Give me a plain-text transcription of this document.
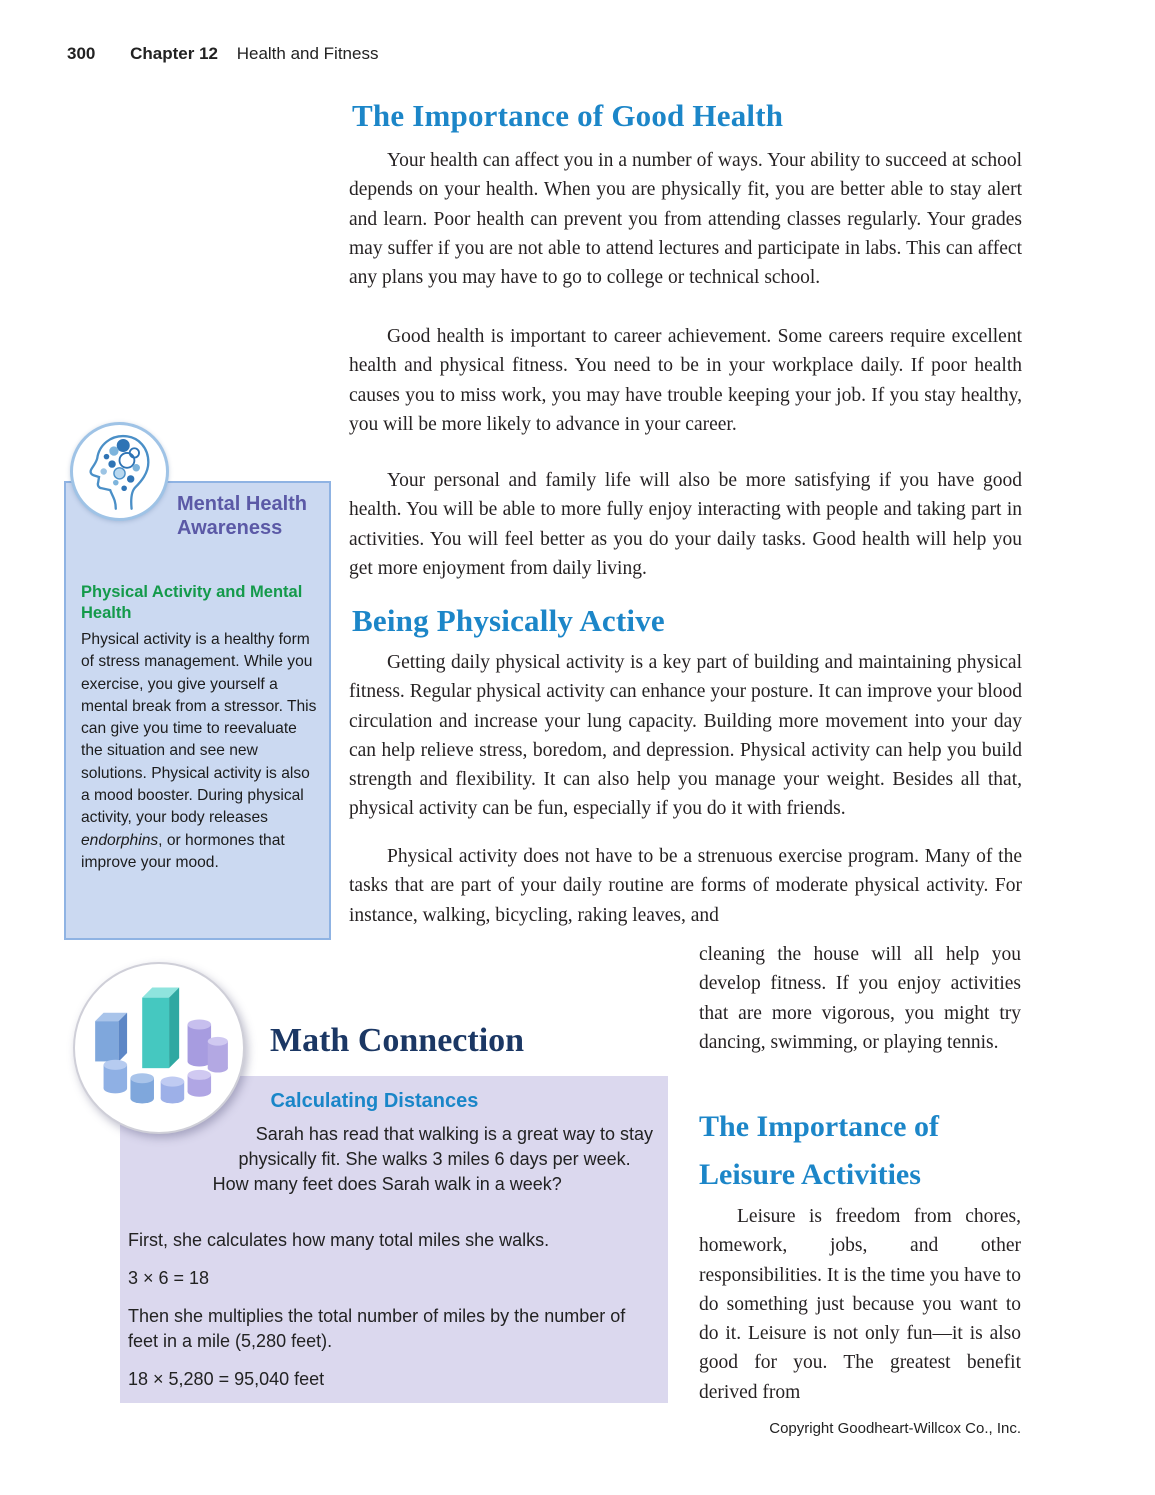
300 Chapter 12 Health and Fitness
The Importance of Good Health

Your health can affect you in a number of ways. Your ability to succeed at school depends on your health. When you are physically fit, you are better able to stay alert and learn. Poor health can prevent you from attending classes regularly. Your grades may suffer if you are not able to attend lectures and participate in labs. This can affect any plans you may have to go to college or technical school.

Good health is important to career achievement. Some careers require excellent health and physical fitness. You need to be in your workplace daily. If poor health causes you to miss work, you may have trouble keeping your job. If you stay healthy, you will be more likely to advance in your career.

Your personal and family life will also be more satisfying if you have good health. You will be able to more fully enjoy interacting with people and taking part in activities. You will feel better as you do your daily tasks. Good health will help you get more enjoyment from daily living.

Being Physically Active

Getting daily physical activity is a key part of building and maintaining physical fitness. Regular physical activity can enhance your posture. It can improve your blood circulation and increase your lung capacity. Building more movement into your day can help relieve stress, boredom, and depression. Physical activity can help you build strength and flexibility. It can also help you manage your weight. Besides all that, physical activity can be fun, especially if you do it with friends.

Physical activity does not have to be a strenuous exercise program. Many of the tasks that are part of your daily routine are forms of moderate physical activity. For instance, walking, bicycling, raking leaves, and

cleaning the house will all help you develop fitness. If you enjoy activities that are more vigorous, you might try dancing, swimming, or playing tennis.

The Importance of Leisure Activities

Leisure is freedom from chores, homework, jobs, and other responsibilities. It is the time you have to do something just because you want to do it. Leisure is not only fun—it is also good for you. The greatest benefit derived from

Mental Health Awareness
Physical Activity and Mental Health
Physical activity is a healthy form of stress management. While you exercise, you give yourself a mental break from a stressor. This can give you time to reevaluate the situation and see new solutions. Physical activity is also a mood booster. During physical activity, your body releases endorphins, or hormones that improve your mood.
Math Connection
Calculating Distances

Sarah has read that walking is a great way to stay physically fit. She walks 3 miles 6 days per week. How many feet does Sarah walk in a week?

First, she calculates how many total miles she walks.

3 × 6 = 18

Then she multiplies the total number of miles by the number of feet in a mile (5,280 feet).

18 × 5,280 = 95,040 feet

Copyright Goodheart-Willcox Co., Inc.
